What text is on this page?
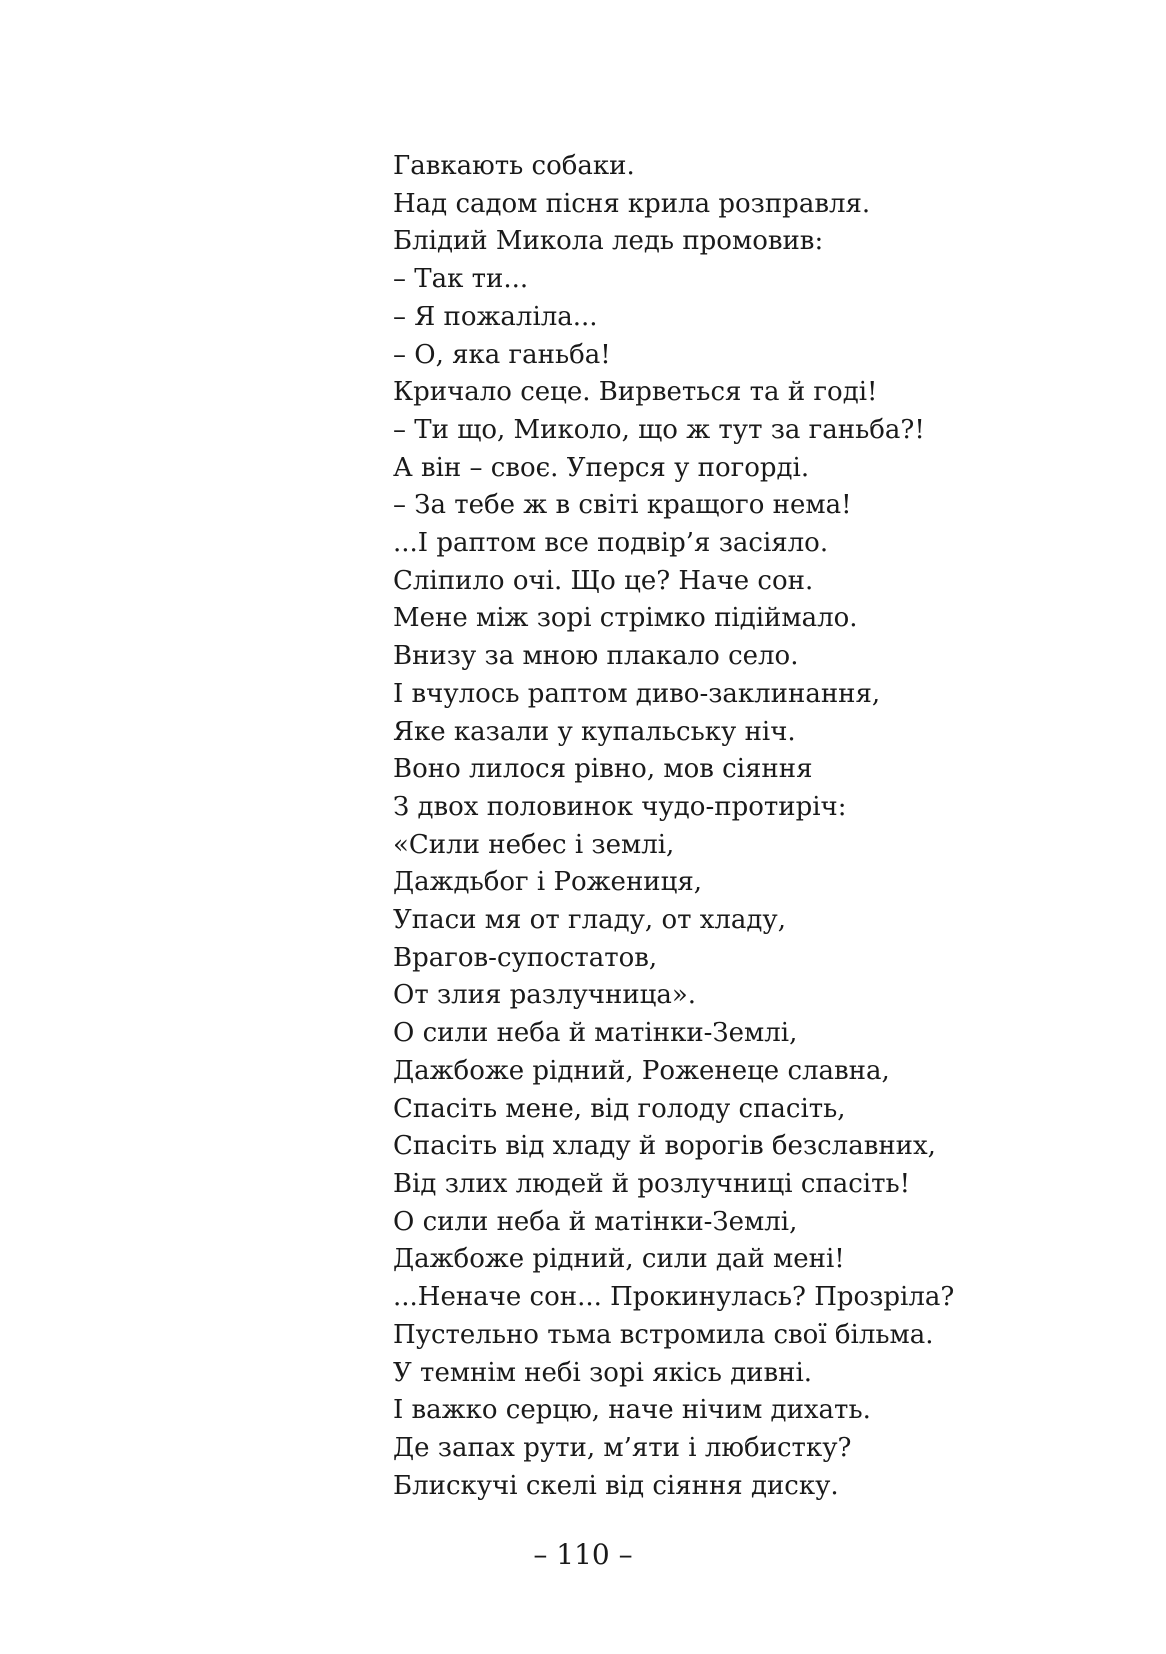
Гавкають собаки.
Над садом пісня крила розправля.
Блідий Микола ледь промовив:
– Так ти...
– Я пожаліла...
– О, яка ганьба!
Кричало сеце. Вирветься та й годі!
– Ти що, Миколо, що ж тут за ганьба?!
А він – своє. Уперся у погорді.
– За тебе ж в світі кращого нема!
...І раптом все подвір’я засіяло.
Сліпило очі. Що це? Наче сон.
Мене між зорі стрімко підіймало.
Внизу за мною плакало село.
І вчулось раптом диво-заклинання,
Яке казали у купальську ніч.
Воно лилося рівно, мов сіяння
З двох половинок чудо-протиріч:
«Сили небес і землі,
Даждьбог і Рожениця,
Упаси мя от гладу, от хладу,
Врагов-супостатов,
От злия разлучница».
О сили неба й матінки-Землі,
Дажбоже рідний, Роженеце славна,
Спасіть мене, від голоду спасіть,
Спасіть від хладу й ворогів безславних,
Від злих людей й розлучниці спасіть!
О сили неба й матінки-Землі,
Дажбоже рідний, сили дай мені!
...Неначе сон... Прокинулась? Прозріла?
Пустельно тьма встромила свої більма.
У темнім небі зорі якісь дивні.
І важко серцю, наче нічим дихать.
Де запах рути, м’яти і любистку?
Блискучі скелі від сіяння диску.
– 110 –
